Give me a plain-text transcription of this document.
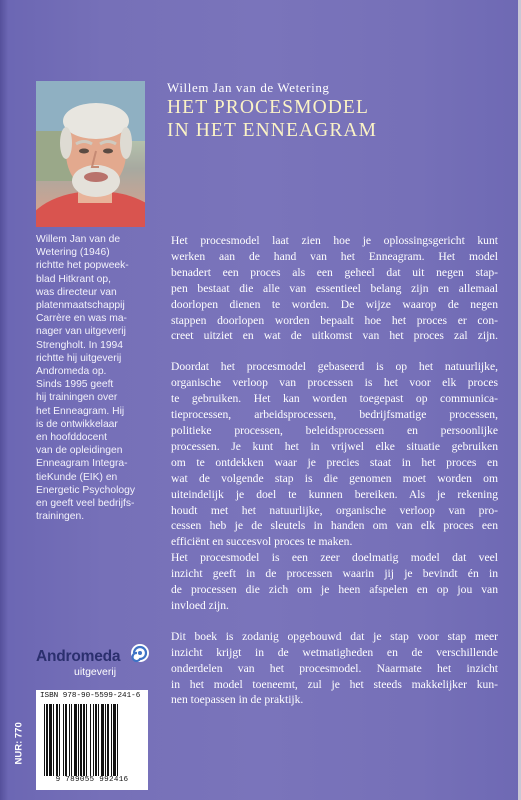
Willem Jan van de Wetering
HET PROCESMODEL
IN HET ENNEAGRAM
Willem Jan van de
Wetering (1946)
richtte het popweek-
blad Hitkrant op,
was directeur van
platenmaatschappij
Carrère en was ma-
nager van uitgeverij
Strengholt. In 1994
richtte hij uitgeverij
Andromeda op.
Sinds 1995 geeft
hij trainingen over
het Enneagram. Hij
is de ontwikkelaar
en hoofddocent
van de opleidingen
Enneagram Integra-
tieKunde (EIK) en
Energetic Psychology
en geeft veel bedrijfs-
trainingen.

Het procesmodel laat zien hoe je oplossingsgericht kunt
werken aan de hand van het Enneagram. Het model
benadert een proces als een geheel dat uit negen stap-
pen bestaat die alle van essentieel belang zijn en allemaal
doorlopen dienen te worden. De wijze waarop de negen
stappen doorlopen worden bepaalt hoe het proces er con-
creet uitziet en wat de uitkomst van het proces zal zijn.

Doordat het procesmodel gebaseerd is op het natuurlijke,
organische verloop van processen is het voor elk proces
te gebruiken. Het kan worden toegepast op communica-
tieprocessen, arbeidsprocessen, bedrijfsmatige processen,
politieke processen, beleidsprocessen en persoonlijke
processen. Je kunt het in vrijwel elke situatie gebruiken
om te ontdekken waar je precies staat in het proces en
wat de volgende stap is die genomen moet worden om
uiteindelijk je doel te kunnen bereiken. Als je rekening
houdt met het natuurlijke, organische verloop van pro-
cessen heb je de sleutels in handen om van elk proces een
efficiënt en succesvol proces te maken.

Het procesmodel is een zeer doelmatig model dat veel
inzicht geeft in de processen waarin jij je bevindt én in
de processen die zich om je heen afspelen en op jou van
invloed zijn.

Dit boek is zodanig opgebouwd dat je stap voor stap meer
inzicht krijgt in de wetmatigheden en de verschillende
onderdelen van het procesmodel. Naarmate het inzicht
in het model toeneemt, zul je het steeds makkelijker kun-
nen toepassen in de praktijk.

Andromeda
uitgeverij
ISBN 978-90-5599-241-6
9 789055 992416
NUR: 770
